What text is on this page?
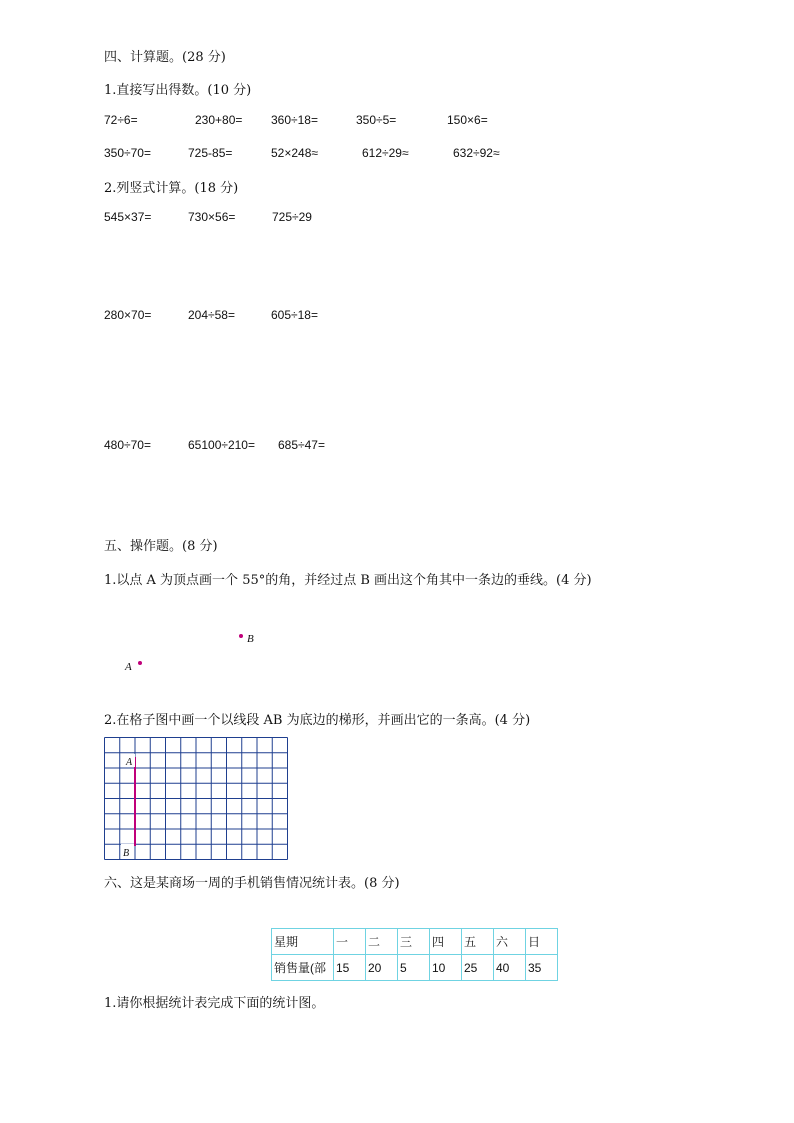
四、计算题。(28 分)
1.直接写出得数。(10 分)
72÷6=	230+80= 360÷18=	350÷5=	150×6=
350÷70=	725-85=	52×248≈	612÷29≈	632÷92≈
2.列竖式计算。(18 分)
545×37=	730×56=	725÷29
280×70=	204÷58=	605÷18=
480÷70=	65100÷210= 685÷47=
五、操作题。(8 分)
1.以点 A 为顶点画一个 55°的角，并经过点 B 画出这个角其中一条边的垂线。(4 分)
B
A
2.在格子图中画一个以线段 AB 为底边的梯形，并画出它的一条高。(4 分)
A
B
六、这是某商场一周的手机销售情况统计表。(8 分)
星期	一	二	三	四	五	六	日
销售量(部	15	20	5	10	25	40	35
1.请你根据统计表完成下面的统计图。
